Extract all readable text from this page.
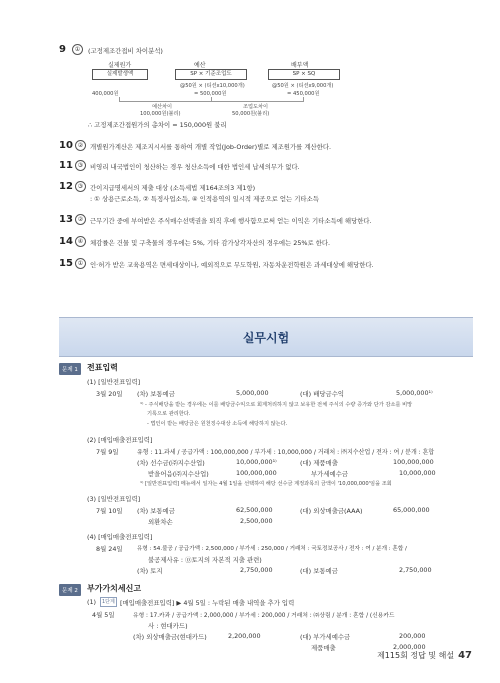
9	①	(고정제조간접비 차이분석)
실제원가	예산	배부액
실제발생액	SP × 기준조업도	SP × SQ
@50원 × (티션x10,000개)
= 500,000원
@50원 × (티션x9,000개)
= 450,000원
400,000원
예산차이
100,000원(불리)
조업도차이
50,000원(불리)
∴ 고정제조간접원가의 총차이 = 150,000원 불리
10 ②	개별원가계산은 제조지시서를 통하여 개별 작업(Job-Order)별로 제조원가를 계산한다.
11 ③	비영리 내국법인이 청산하는 경우 청산소득에 대한 법인세 납세의무가 없다.
12 ③	간이지급명세서의 제출 대상 (소득세법 제164조의3 제1항)
: ① 상용근로소득, ② 특정사업소득, ④ 인적용역의 일시적 제공으로 얻는 기타소득
13 ②	근무기간 중에 부여받은 주식매수선택권을 퇴직 후에 행사함으로써 얻는 이익은 기타소득에 해당한다.
14 ④	체감률은 건물 및 구축물의 경우에는 5%, 기타 감가상각자산의 경우에는 25%로 한다.
15 ①	인·허가 받은 교육용역은 면세대상이나, 예외적으로 무도학원, 자동차운전학원은 과세대상에 해당한다.
실무시험
문제 1	전표입력
(1) [일반전표입력]
3월 20일 (차) 보통예금	5,000,000	(대) 배당금수익	5,000,000¹⁾
¹⁾ - 주식배당을 받는 경우에는 이를 배당금수익으로 회계처리하지 않고 보유한 전체 주식의 수량 증가와 단가 감소를 비망
기록으로 관리한다.
- 법인이 받는 배당금은 원천징수대상 소득에 해당하지 않는다.
(2) [매입매출전표입력]
7월 9일	유형 : 11.과세 / 공급가액 : 100,000,000 / 부가세 : 10,000,000 / 거래처 : ㈜지수산업 / 전자 : 여 / 분개 : 혼합
(차) 선수금(㈜지수산업)	10,000,000¹⁾	(대) 제품매출	100,000,000
받을어음(㈜지수산업)	100,000,000	부가세예수금	10,000,000
¹⁾ [일반전표입력] 메뉴에서 일자는 4월 1일을 선택하여 해당 선수금 계정과목의 금액이 '10,000,000'임을 조회
(3) [일반전표입력]
7월 10일 (차) 보통예금	62,500,000	(대) 외상매출금(AAA)	65,000,000
외환차손	2,500,000
(4) [매입매출전표입력]
8월 24일	유형 : 54.불공 / 공급가액 : 2,500,000 / 부가세 : 250,000 / 거래처 : 국토정보공사 / 전자 : 여 / 분개 : 혼합 /
불공제사유 : ⓪토지의 자본적 지출 관련)
(차) 토지	2,750,000	(대) 보통예금	2,750,000
문제 2	부가가치세신고
(1)	1단계 [매입매출전표입력] ▶ 4월 5일 : 누락된 매출 내역을 추가 입력
4월 5일	유형 : 17.카과 / 공급가액 : 2,000,000 / 부가세 : 200,000 / 거래처 : ㈜상림 / 분개 : 혼합 / (신용카드
사 : 현대카드)
(차) 외상매출금(현대카드)	2,200,000	(대) 부가세예수금	200,000
제품매출	2,000,000
제115회 정답 및 해설 47
